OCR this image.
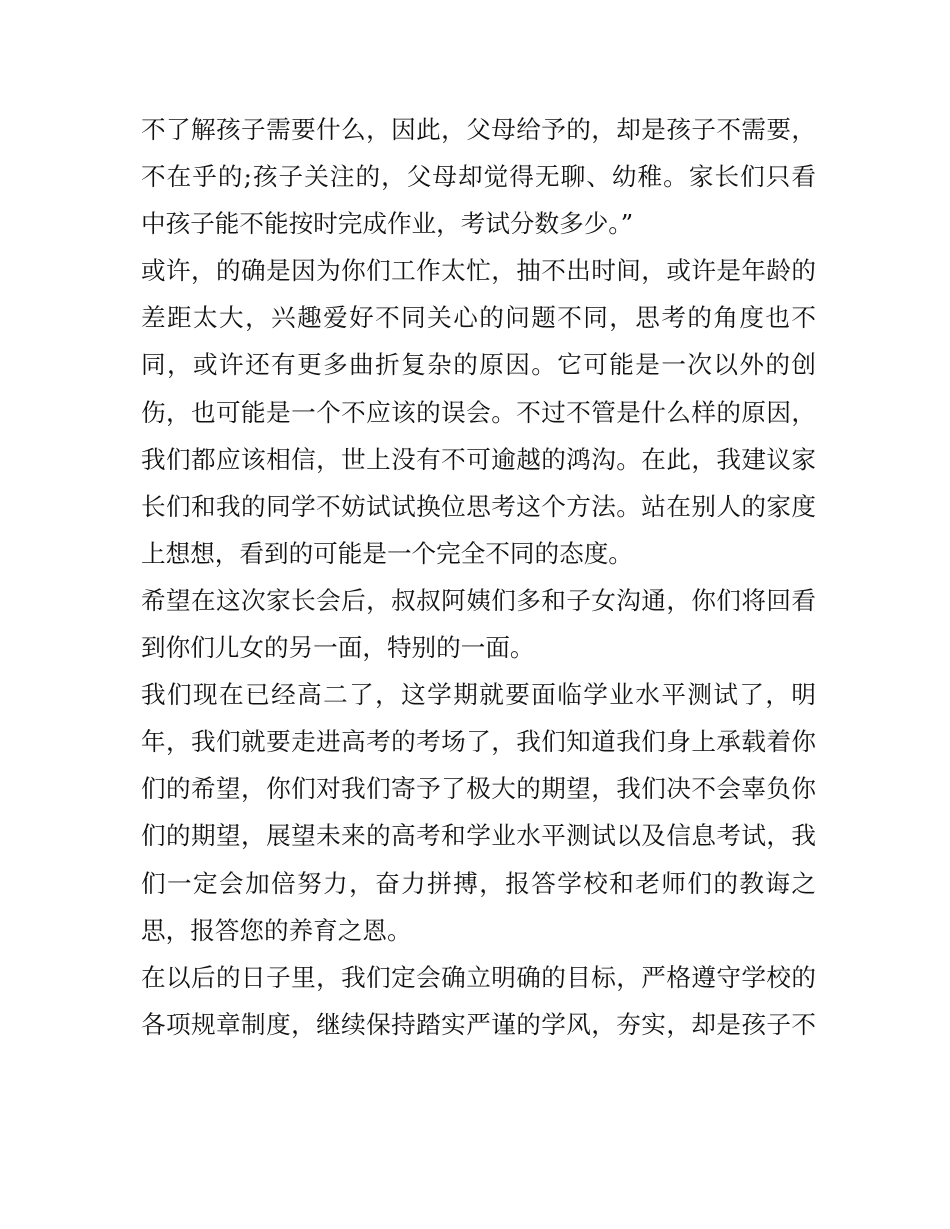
不了解孩子需要什么，因此，父母给予的，却是孩子不需要，
不在乎的;孩子关注的，父母却觉得无聊、幼稚。家长们只看
中孩子能不能按时完成作业，考试分数多少。”
或许，的确是因为你们工作太忙，抽不出时间，或许是年龄的
差距太大，兴趣爱好不同关心的问题不同，思考的角度也不
同，或许还有更多曲折复杂的原因。它可能是一次以外的创
伤，也可能是一个不应该的误会。不过不管是什么样的原因，
我们都应该相信，世上没有不可逾越的鸿沟。在此，我建议家
长们和我的同学不妨试试换位思考这个方法。站在别人的家度
上想想，看到的可能是一个完全不同的态度。
希望在这次家长会后，叔叔阿姨们多和子女沟通，你们将回看
到你们儿女的另一面，特别的一面。
我们现在已经高二了，这学期就要面临学业水平测试了，明
年，我们就要走进高考的考场了，我们知道我们身上承载着你
们的希望，你们对我们寄予了极大的期望，我们决不会辜负你
们的期望，展望未来的高考和学业水平测试以及信息考试，我
们一定会加倍努力，奋力拼搏，报答学校和老师们的教诲之
思，报答您的养育之恩。
在以后的日子里，我们定会确立明确的目标，严格遵守学校的
各项规章制度，继续保持踏实严谨的学风，夯实，却是孩子不
